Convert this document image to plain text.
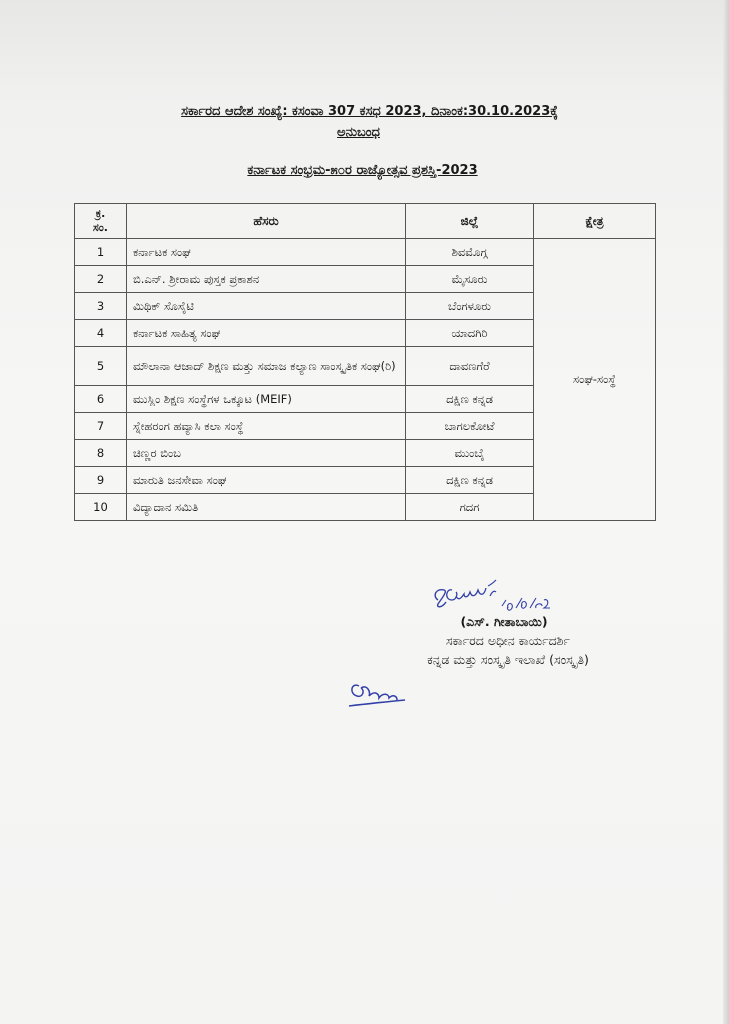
ಸರ್ಕಾರದ ಆದೇಶ ಸಂಖ್ಯೆ: ಕಸಂವಾ 307 ಕಸಧ 2023, ದಿನಾಂಕ:30.10.2023ಕ್ಕೆ
ಅನುಬಂಧ
ಕರ್ನಾಟಕ ಸಂಭ್ರಮ-೫೦ರ ರಾಜ್ಯೋತ್ಸವ ಪ್ರಶಸ್ತಿ-2023
ಕ್ರ.
ಸಂ.	ಹೆಸರು	ಜಿಲ್ಲೆ	ಕ್ಷೇತ್ರ
1	ಕರ್ನಾಟಕ ಸಂಘ	ಶಿವಮೊಗ್ಗ	ಸಂಘ-ಸಂಸ್ಥೆ
2	ಬಿ.ಎನ್. ಶ್ರೀರಾಮ ಪುಸ್ತಕ ಪ್ರಕಾಶನ	ಮೈಸೂರು	
3	ಮಿಥಿಕ್ ಸೊಸೈಟಿ	ಬೆಂಗಳೂರು	
4	ಕರ್ನಾಟಕ ಸಾಹಿತ್ಯ ಸಂಘ	ಯಾದಗಿರಿ	
5	ಮೌಲಾನಾ ಆಜಾದ್ ಶಿಕ್ಷಣ ಮತ್ತು ಸಮಾಜ ಕಲ್ಯಾಣ ಸಾಂಸ್ಕೃತಿಕ ಸಂಘ(ರಿ)	ದಾವಣಗೆರೆ	
6	ಮುಸ್ಲಿಂ ಶಿಕ್ಷಣ ಸಂಸ್ಥೆಗಳ ಒಕ್ಕೂಟ (MEIF)	ದಕ್ಷಿಣ ಕನ್ನಡ	
7	ಸ್ನೇಹರಂಗ ಹವ್ಯಾಸಿ ಕಲಾ ಸಂಸ್ಥೆ	ಬಾಗಲಕೋಟೆ	
8	ಚಿಣ್ಣರ ಬಿಂಬ	ಮುಂಬೈ	
9	ಮಾರುತಿ ಜನಸೇವಾ ಸಂಘ	ದಕ್ಷಿಣ ಕನ್ನಡ	
10	ವಿದ್ಯಾದಾನ ಸಮಿತಿ	ಗದಗ	
(ಎಸ್. ಗೀತಾಬಾಯಿ)
ಸರ್ಕಾರದ ಅಧೀನ ಕಾರ್ಯದರ್ಶಿ
ಕನ್ನಡ ಮತ್ತು ಸಂಸ್ಕೃತಿ ಇಲಾಖೆ (ಸಂಸ್ಕೃತಿ)
